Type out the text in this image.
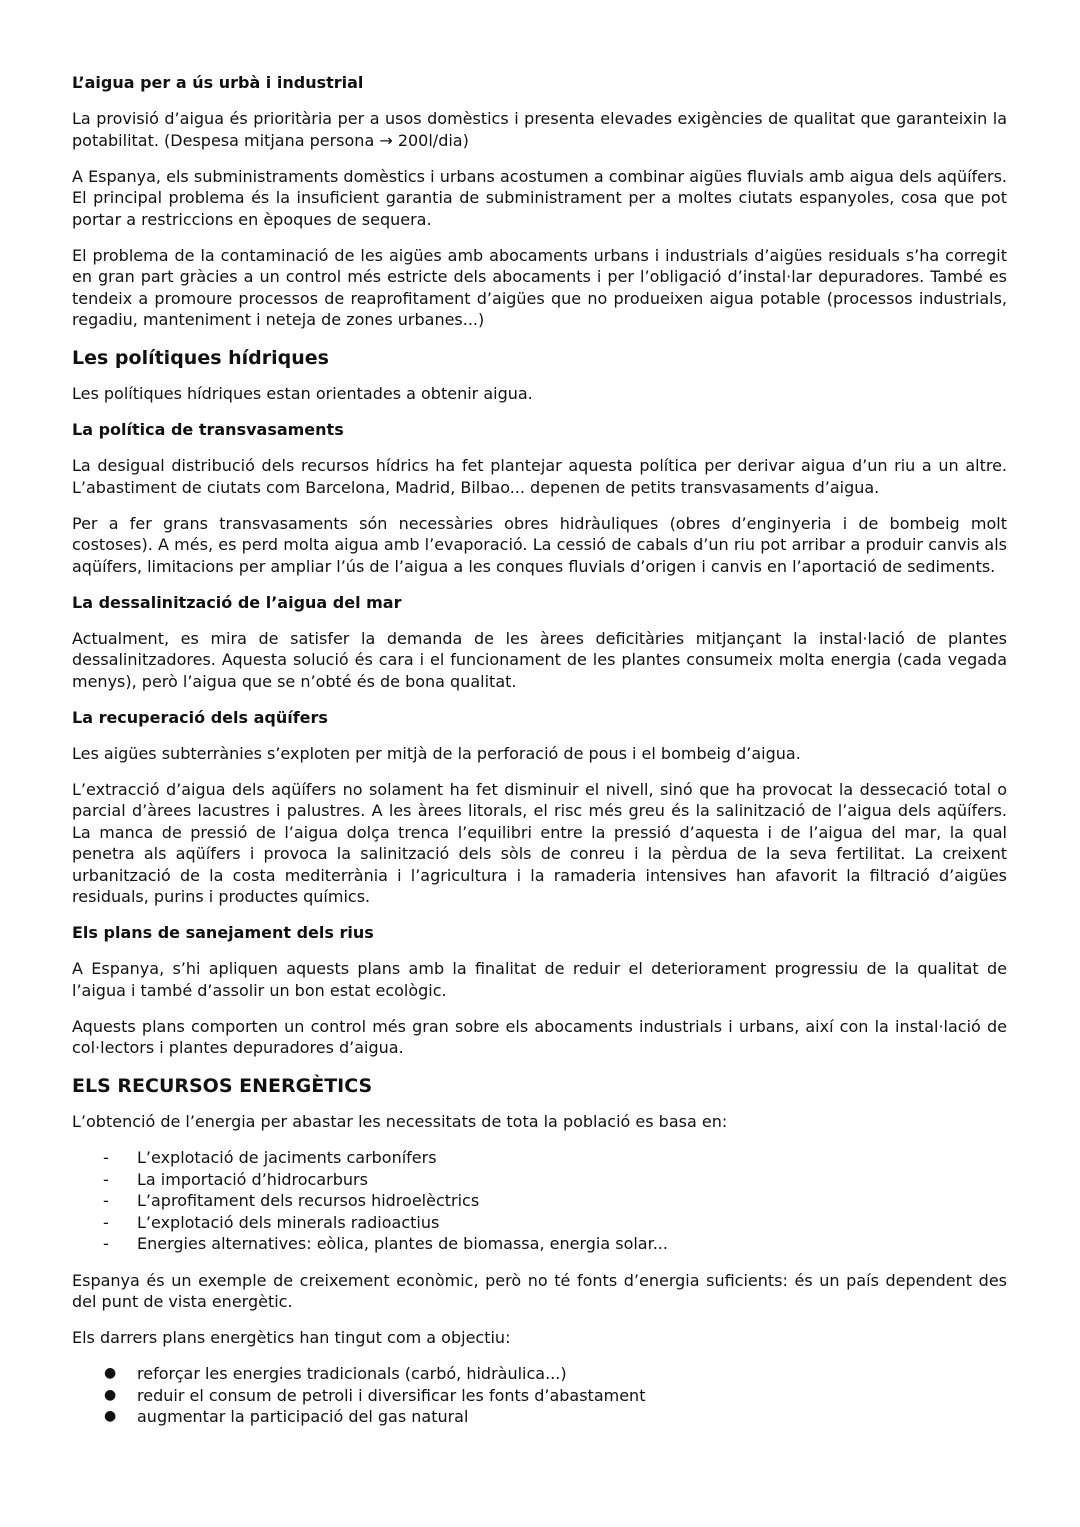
L’aigua per a ús urbà i industrial

La provisió d’aigua és prioritària per a usos domèstics i presenta elevades exigències de qualitat que garanteixin la potabilitat. (Despesa mitjana persona → 200l/dia)

A Espanya, els subministraments domèstics i urbans acostumen a combinar aigües fluvials amb aigua dels aqüífers. El principal problema és la insuficient garantia de subministrament per a moltes ciutats espanyoles, cosa que pot portar a restriccions en èpoques de sequera.

El problema de la contaminació de les aigües amb abocaments urbans i industrials d’aigües residuals s’ha corregit en gran part gràcies a un control més estricte dels abocaments i per l’obligació d’instal·lar depuradores. També es tendeix a promoure processos de reaprofitament d’aigües que no produeixen aigua potable (processos industrials, regadiu, manteniment i neteja de zones urbanes...)

Les polítiques hídriques

Les polítiques hídriques estan orientades a obtenir aigua.

La política de transvasaments

La desigual distribució dels recursos hídrics ha fet plantejar aquesta política per derivar aigua d’un riu a un altre. L’abastiment de ciutats com Barcelona, Madrid, Bilbao... depenen de petits transvasaments d’aigua.

Per a fer grans transvasaments són necessàries obres hidràuliques (obres d’enginyeria i de bombeig molt costoses). A més, es perd molta aigua amb l’evaporació. La cessió de cabals d’un riu pot arribar a produir canvis als aqüífers, limitacions per ampliar l’ús de l’aigua a les conques fluvials d’origen i canvis en l’aportació de sediments.

La dessalinització de l’aigua del mar

Actualment, es mira de satisfer la demanda de les àrees deficitàries mitjançant la instal·lació de plantes dessalinitzadores. Aquesta solució és cara i el funcionament de les plantes consumeix molta energia (cada vegada menys), però l’aigua que se n’obté és de bona qualitat.

La recuperació dels aqüífers

Les aigües subterrànies s’exploten per mitjà de la perforació de pous i el bombeig d’aigua.

L’extracció d’aigua dels aqüífers no solament ha fet disminuir el nivell, sinó que ha provocat la dessecació total o parcial d’àrees lacustres i palustres. A les àrees litorals, el risc més greu és la salinització de l’aigua dels aqüífers. La manca de pressió de l’aigua dolça trenca l’equilibri entre la pressió d’aquesta i de l’aigua del mar, la qual penetra als aqüífers i provoca la salinització dels sòls de conreu i la pèrdua de la seva fertilitat. La creixent urbanització de la costa mediterrània i l’agricultura i la ramaderia intensives han afavorit la filtració d’aigües residuals, purins i productes químics.

Els plans de sanejament dels rius

A Espanya, s’hi apliquen aquests plans amb la finalitat de reduir el deteriorament progressiu de la qualitat de l’aigua i també d’assolir un bon estat ecològic.

Aquests plans comporten un control més gran sobre els abocaments industrials i urbans, així con la instal·lació de col·lectors i plantes depuradores d’aigua.

ELS RECURSOS ENERGÈTICS

L’obtenció de l’energia per abastar les necessitats de tota la població es basa en:

-	L’explotació de jaciments carbonífers
-	La importació d’hidrocarburs
-	L’aprofitament dels recursos hidroelèctrics
-	L’explotació dels minerals radioactius
-	Energies alternatives: eòlica, plantes de biomassa, energia solar...

Espanya és un exemple de creixement econòmic, però no té fonts d’energia suficients: és un país dependent des del punt de vista energètic.

Els darrers plans energètics han tingut com a objectiu:

●	reforçar les energies tradicionals (carbó, hidràulica...)
●	reduir el consum de petroli i diversificar les fonts d’abastament
●	augmentar la participació del gas natural
